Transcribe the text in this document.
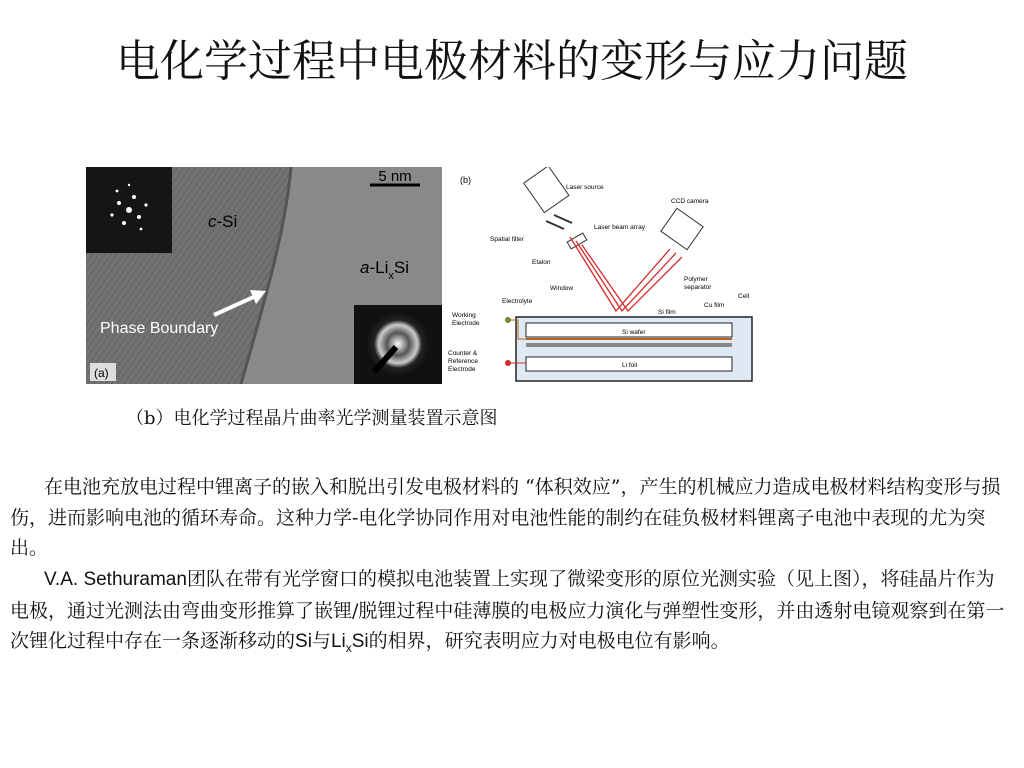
电化学过程中电极材料的变形与应力问题
5 nm
c-Si
$a-Li_xSi$
Phase Boundary
(a)
(b)
Laser source
CCD camera
Laser beam array
Spatial filter
Etalon
Polymer
separator
Window
Electrolyte
Cell
Si film
Cu film
Working
Electrode
Si wafer
Li foil
Counter &
Reference
Electrode
（b）电化学过程晶片曲率光学测量装置示意图

在电池充放电过程中锂离子的嵌入和脱出引发电极材料的 “体积效应”，产生的机械应力造成电极材料结构变形与损伤，进而影响电池的循环寿命。这种力学-电化学协同作用对电池性能的制约在硅负极材料锂离子电池中表现的尤为突出。

V.A. Sethuraman团队在带有光学窗口的模拟电池装置上实现了微梁变形的原位光测实验（见上图），将硅晶片作为电极，通过光测法由弯曲变形推算了嵌锂/脱锂过程中硅薄膜的电极应力演化与弹塑性变形，并由透射电镜观察到在第一次锂化过程中存在一条逐渐移动的Si与$Li_xSi$的相界，研究表明应力对电极电位有影响。
